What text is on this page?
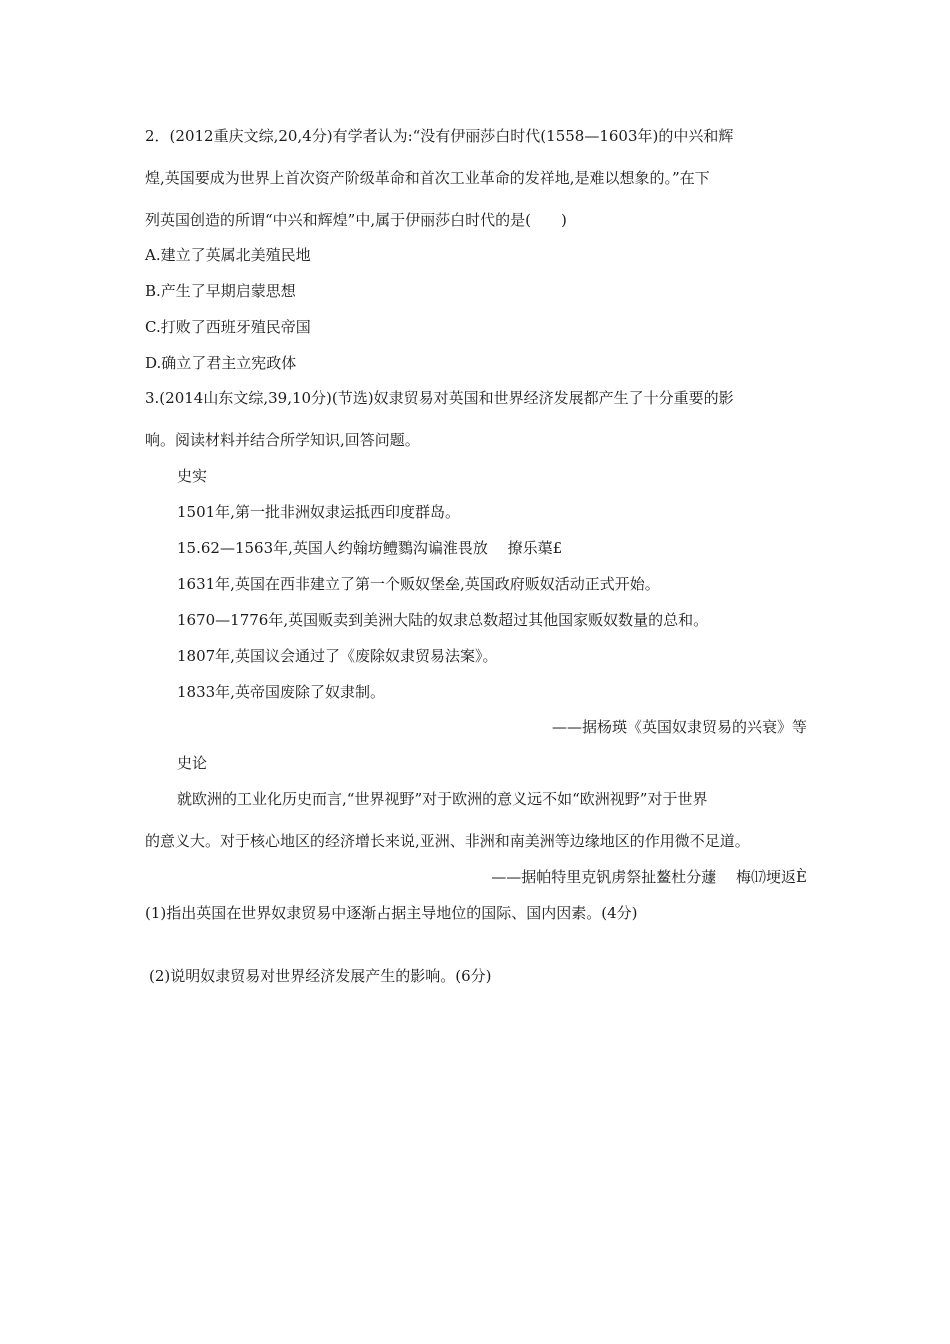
2．(2012重庆文综,20,4分)有学者认为:“没有伊丽莎白时代(1558—1603年)的中兴和辉
煌,英国要成为世界上首次资产阶级革命和首次工业革命的发祥地,是难以想象的。”在下
列英国创造的所谓“中兴和辉煌”中,属于伊丽莎白时代的是(　　)
A.建立了英属北美殖民地
B.产生了早期启蒙思想
C.打败了西班牙殖民帝国
D.确立了君主立宪政体
3.(2014山东文综,39,10分)(节选)奴隶贸易对英国和世界经济发展都产生了十分重要的影
响。阅读材料并结合所学知识,回答问题。
史实
1501年,第一批非洲奴隶运抵西印度群岛。
15.62—1563年,英国人约翰坊鳢鷚沟谝淮畏放　 撩乐蕖£
1631年,英国在西非建立了第一个贩奴堡垒,英国政府贩奴活动正式开始。
1670—1776年,英国贩卖到美洲大陆的奴隶总数超过其他国家贩奴数量的总和。
1807年,英国议会通过了《废除奴隶贸易法案》。
1833年,英帝国废除了奴隶制。
——据杨瑛《英国奴隶贸易的兴衰》等
史论
就欧洲的工业化历史而言,“世界视野”对于欧洲的意义远不如“欧洲视野”对于世界
的意义大。对于核心地区的经济增长来说,亚洲、非洲和南美洲等边缘地区的作用微不足道。
——据帕特里克钒虏祭扯鳌杜分蘧　 梅⒄埂返È
(1)指出英国在世界奴隶贸易中逐渐占据主导地位的国际、国内因素。(4分)
(2)说明奴隶贸易对世界经济发展产生的影响。(6分)
